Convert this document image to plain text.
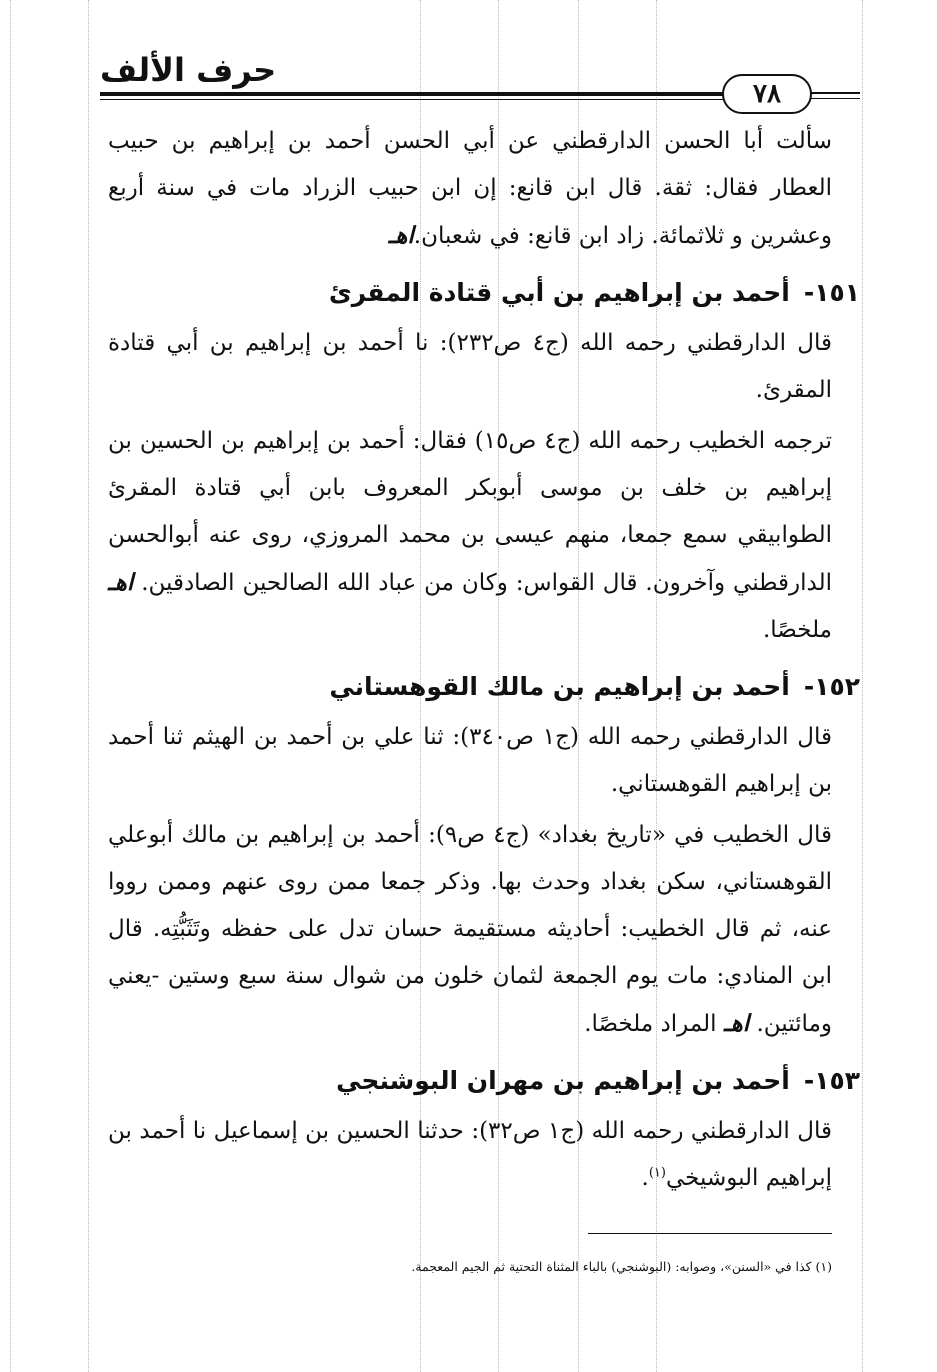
حرف الألف
٧٨

سألت أبا الحسن الدارقطني عن أبي الحسن أحمد بن إبراهيم بن حبيب العطار فقال: ثقة. قال ابن قانع: إن ابن حبيب الزراد مات في سنة أربع وعشرين و ثلاثمائة. زاد ابن قانع: في شعبان.اهـ

١٥١-أحمد بن إبراهيم بن أبي قتادة المقرئ

قال الدارقطني رحمه الله (ج٤ ص٢٣٢): نا أحمد بن إبراهيم بن أبي قتادة المقرئ.

ترجمه الخطيب رحمه الله (ج٤ ص١٥) فقال: أحمد بن إبراهيم بن الحسين بن إبراهيم بن خلف بن موسى أبوبكر المعروف بابن أبي قتادة المقرئ الطوابيقي سمع جمعا، منهم عيسى بن محمد المروزي، روى عنه أبوالحسن الدارقطني وآخرون. قال القواس: وكان من عباد الله الصالحين الصادقين. اهـ ملخصًا.

١٥٢-أحمد بن إبراهيم بن مالك القوهستاني

قال الدارقطني رحمه الله (ج١ ص٣٤٠): ثنا علي بن أحمد بن الهيثم ثنا أحمد بن إبراهيم القوهستاني.

قال الخطيب في «تاريخ بغداد» (ج٤ ص٩): أحمد بن إبراهيم بن مالك أبوعلي القوهستاني، سكن بغداد وحدث بها. وذكر جمعا ممن روى عنهم وممن رووا عنه، ثم قال الخطيب: أحاديثه مستقيمة حسان تدل على حفظه وتَثَبُّتِه. قال ابن المنادي: مات يوم الجمعة لثمان خلون من شوال سنة سبع وستين -يعني ومائتين. اهـ المراد ملخصًا.

١٥٣-أحمد بن إبراهيم بن مهران البوشنجي

قال الدارقطني رحمه الله (ج١ ص٣٢): حدثنا الحسين بن إسماعيل نا أحمد بن إبراهيم البوشيخي$^{(١)}$.

(١) كذا في «السنن»، وصوابه: (البوشنجي) بالباء المثناة التحتية ثم الجيم المعجمة.
